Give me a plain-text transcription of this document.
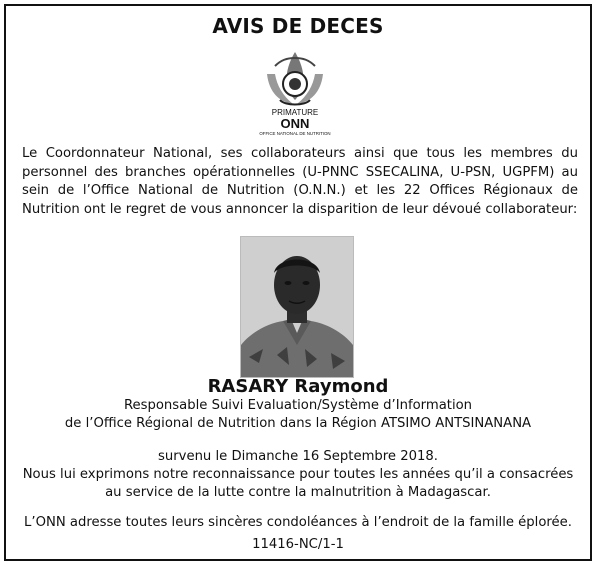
AVIS DE DECES
PRIMATURE
ONN
OFFICE NATIONAL DE NUTRITION
Le Coordonnateur National, ses collaborateurs ainsi que tous les membres du personnel des branches opérationnelles (U-PNNC SSECALINA, U-PSN, UGPFM) au sein de l’Office National de Nutrition (O.N.N.) et les 22 Offices Régionaux de Nutrition ont le regret de vous annoncer la disparition de leur dévoué collaborateur:
RASARY Raymond
Responsable Suivi Evaluation/Système d’Information
de l’Office Régional de Nutrition dans la Région ATSIMO ANTSINANANA
survenu le Dimanche 16 Septembre 2018.
Nous lui exprimons notre reconnaissance pour toutes les années qu’il a consacrées
au service de la lutte contre la malnutrition à Madagascar.
L’ONN adresse toutes leurs sincères condoléances à l’endroit de la famille éplorée.
11416-NC/1-1
